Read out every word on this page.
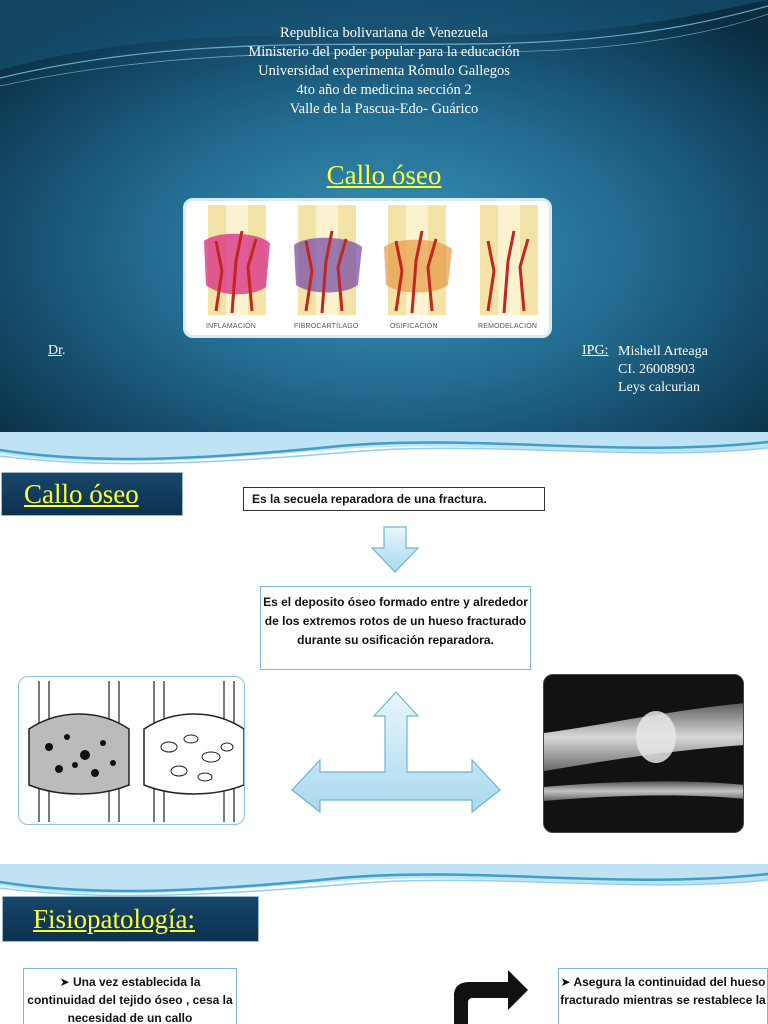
Republica bolivariana de Venezuela
Ministerio del poder popular para la educación
Universidad experimenta Rómulo Gallegos
4to año de medicina sección 2
Valle de la Pascua-Edo- Guárico
Callo óseo
INFLAMACIÓN	FIBROCARTÍLAGO	OSIFICACIÓN	REMODELACIÓN
Dr.	IPG: Mishell Arteaga
CI. 26008903
Leys calcurian
Callo óseo	Es la secuela reparadora de una fractura.
Es el deposito óseo formado entre y alrededor de los extremos rotos de un hueso fracturado durante su osificación reparadora.
Fisiopatología:
➤ Una vez establecida la continuidad del tejido óseo , cesa la necesidad de un callo
➤ Asegura la continuidad del hueso fracturado mientras se restablece la
